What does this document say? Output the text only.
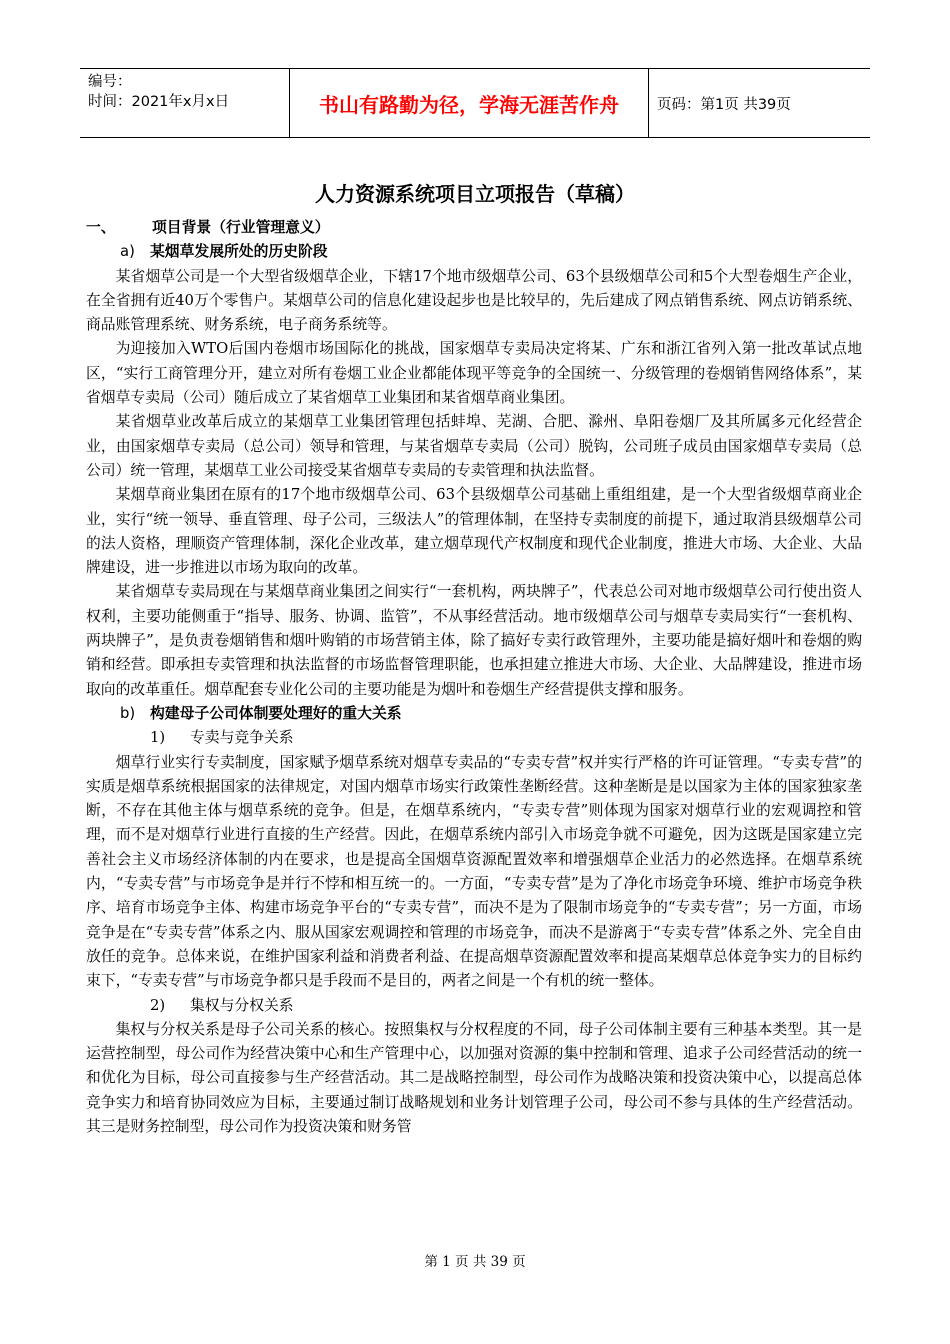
编号：
时间：2021年x月x日	书山有路勤为径，学海无涯苦作舟	页码：第1页 共39页
人力资源系统项目立项报告（草稿）
一、 项目背景（行业管理意义）
a) 某烟草发展所处的历史阶段

某省烟草公司是一个大型省级烟草企业，下辖17个地市级烟草公司、63个县级烟草公司和5个大型卷烟生产企业，在全省拥有近40万个零售户。某烟草公司的信息化建设起步也是比较早的，先后建成了网点销售系统、网点访销系统、商品账管理系统、财务系统，电子商务系统等。

为迎接加入WTO后国内卷烟市场国际化的挑战，国家烟草专卖局决定将某、广东和浙江省列入第一批改革试点地区，“实行工商管理分开，建立对所有卷烟工业企业都能体现平等竞争的全国统一、分级管理的卷烟销售网络体系”，某省烟草专卖局（公司）随后成立了某省烟草工业集团和某省烟草商业集团。

某省烟草业改革后成立的某烟草工业集团管理包括蚌埠、芜湖、合肥、滁州、阜阳卷烟厂及其所属多元化经营企业，由国家烟草专卖局（总公司）领导和管理，与某省烟草专卖局（公司）脱钩，公司班子成员由国家烟草专卖局（总公司）统一管理，某烟草工业公司接受某省烟草专卖局的专卖管理和执法监督。

某烟草商业集团在原有的17个地市级烟草公司、63个县级烟草公司基础上重组组建，是一个大型省级烟草商业企业，实行“统一领导、垂直管理、母子公司，三级法人”的管理体制，在坚持专卖制度的前提下，通过取消县级烟草公司的法人资格，理顺资产管理体制，深化企业改革，建立烟草现代产权制度和现代企业制度，推进大市场、大企业、大品牌建设，进一步推进以市场为取向的改革。

某省烟草专卖局现在与某烟草商业集团之间实行“一套机构，两块牌子”，代表总公司对地市级烟草公司行使出资人权利，主要功能侧重于“指导、服务、协调、监管”，不从事经营活动。地市级烟草公司与烟草专卖局实行“一套机构、两块牌子”，是负责卷烟销售和烟叶购销的市场营销主体，除了搞好专卖行政管理外，主要功能是搞好烟叶和卷烟的购销和经营。即承担专卖管理和执法监督的市场监督管理职能，也承担建立推进大市场、大企业、大品牌建设，推进市场取向的改革重任。烟草配套专业化公司的主要功能是为烟叶和卷烟生产经营提供支撑和服务。

b) 构建母子公司体制要处理好的重大关系
1) 专卖与竞争关系

烟草行业实行专卖制度，国家赋予烟草系统对烟草专卖品的“专卖专营”权并实行严格的许可证管理。“专卖专营”的实质是烟草系统根据国家的法律规定，对国内烟草市场实行政策性垄断经营。这种垄断是是以国家为主体的国家独家垄断，不存在其他主体与烟草系统的竞争。但是，在烟草系统内，“专卖专营”则体现为国家对烟草行业的宏观调控和管理，而不是对烟草行业进行直接的生产经营。因此，在烟草系统内部引入市场竞争就不可避免，因为这既是国家建立完善社会主义市场经济体制的内在要求，也是提高全国烟草资源配置效率和增强烟草企业活力的必然选择。在烟草系统内，“专卖专营”与市场竞争是并行不悖和相互统一的。一方面，“专卖专营”是为了净化市场竞争环境、维护市场竞争秩序、培育市场竞争主体、构建市场竞争平台的“专卖专营”，而决不是为了限制市场竞争的“专卖专营”；另一方面，市场竞争是在“专卖专营”体系之内、服从国家宏观调控和管理的市场竞争，而决不是游离于“专卖专营”体系之外、完全自由放任的竞争。总体来说，在维护国家利益和消费者利益、在提高烟草资源配置效率和提高某烟草总体竞争实力的目标约束下，“专卖专营”与市场竞争都只是手段而不是目的，两者之间是一个有机的统一整体。

2) 集权与分权关系

集权与分权关系是母子公司关系的核心。按照集权与分权程度的不同，母子公司体制主要有三种基本类型。其一是运营控制型，母公司作为经营决策中心和生产管理中心，以加强对资源的集中控制和管理、追求子公司经营活动的统一和优化为目标，母公司直接参与生产经营活动。其二是战略控制型，母公司作为战略决策和投资决策中心，以提高总体竞争实力和培育协同效应为目标，主要通过制订战略规划和业务计划管理子公司，母公司不参与具体的生产经营活动。其三是财务控制型，母公司作为投资决策和财务管

第 1 页 共 39 页
